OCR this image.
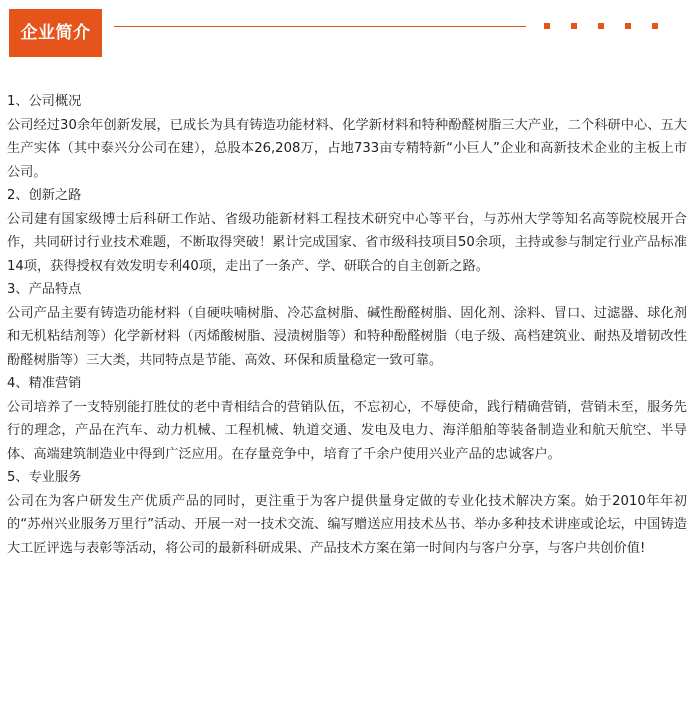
企业简介

1、公司概况

公司经过30余年创新发展，已成长为具有铸造功能材料、化学新材料和特种酚醛树脂三大产业，二个科研中心、五大生产实体（其中泰兴分公司在建），总股本26,208万，占地733亩专精特新“小巨人”企业和高新技术企业的主板上市公司。

2、创新之路

公司建有国家级博士后科研工作站、省级功能新材料工程技术研究中心等平台，与苏州大学等知名高等院校展开合作，共同研讨行业技术难题，不断取得突破！累计完成国家、省市级科技项目50余项，主持或参与制定行业产品标准14项，获得授权有效发明专利40项，走出了一条产、学、研联合的自主创新之路。

3、产品特点

公司产品主要有铸造功能材料（自硬呋喃树脂、冷芯盒树脂、碱性酚醛树脂、固化剂、涂料、冒口、过滤器、球化剂和无机粘结剂等）化学新材料（丙烯酸树脂、浸渍树脂等）和特种酚醛树脂（电子级、高档建筑业、耐热及增韧改性酚醛树脂等）三大类，共同特点是节能、高效、环保和质量稳定一致可靠。

4、精准营销

公司培养了一支特别能打胜仗的老中青相结合的营销队伍，不忘初心，不辱使命，践行精确营销，营销未至，服务先行的理念，产品在汽车、动力机械、工程机械、轨道交通、发电及电力、海洋船舶等装备制造业和航天航空、半导体、高端建筑制造业中得到广泛应用。在存量竞争中，培育了千余户使用兴业产品的忠诚客户。

5、专业服务

公司在为客户研发生产优质产品的同时，更注重于为客户提供量身定做的专业化技术解决方案。始于2010年年初的“苏州兴业服务万里行”活动、开展一对一技术交流、编写赠送应用技术丛书、举办多种技术讲座或论坛，中国铸造大工匠评选与表彰等活动，将公司的最新科研成果、产品技术方案在第一时间内与客户分享，与客户共创价值!
